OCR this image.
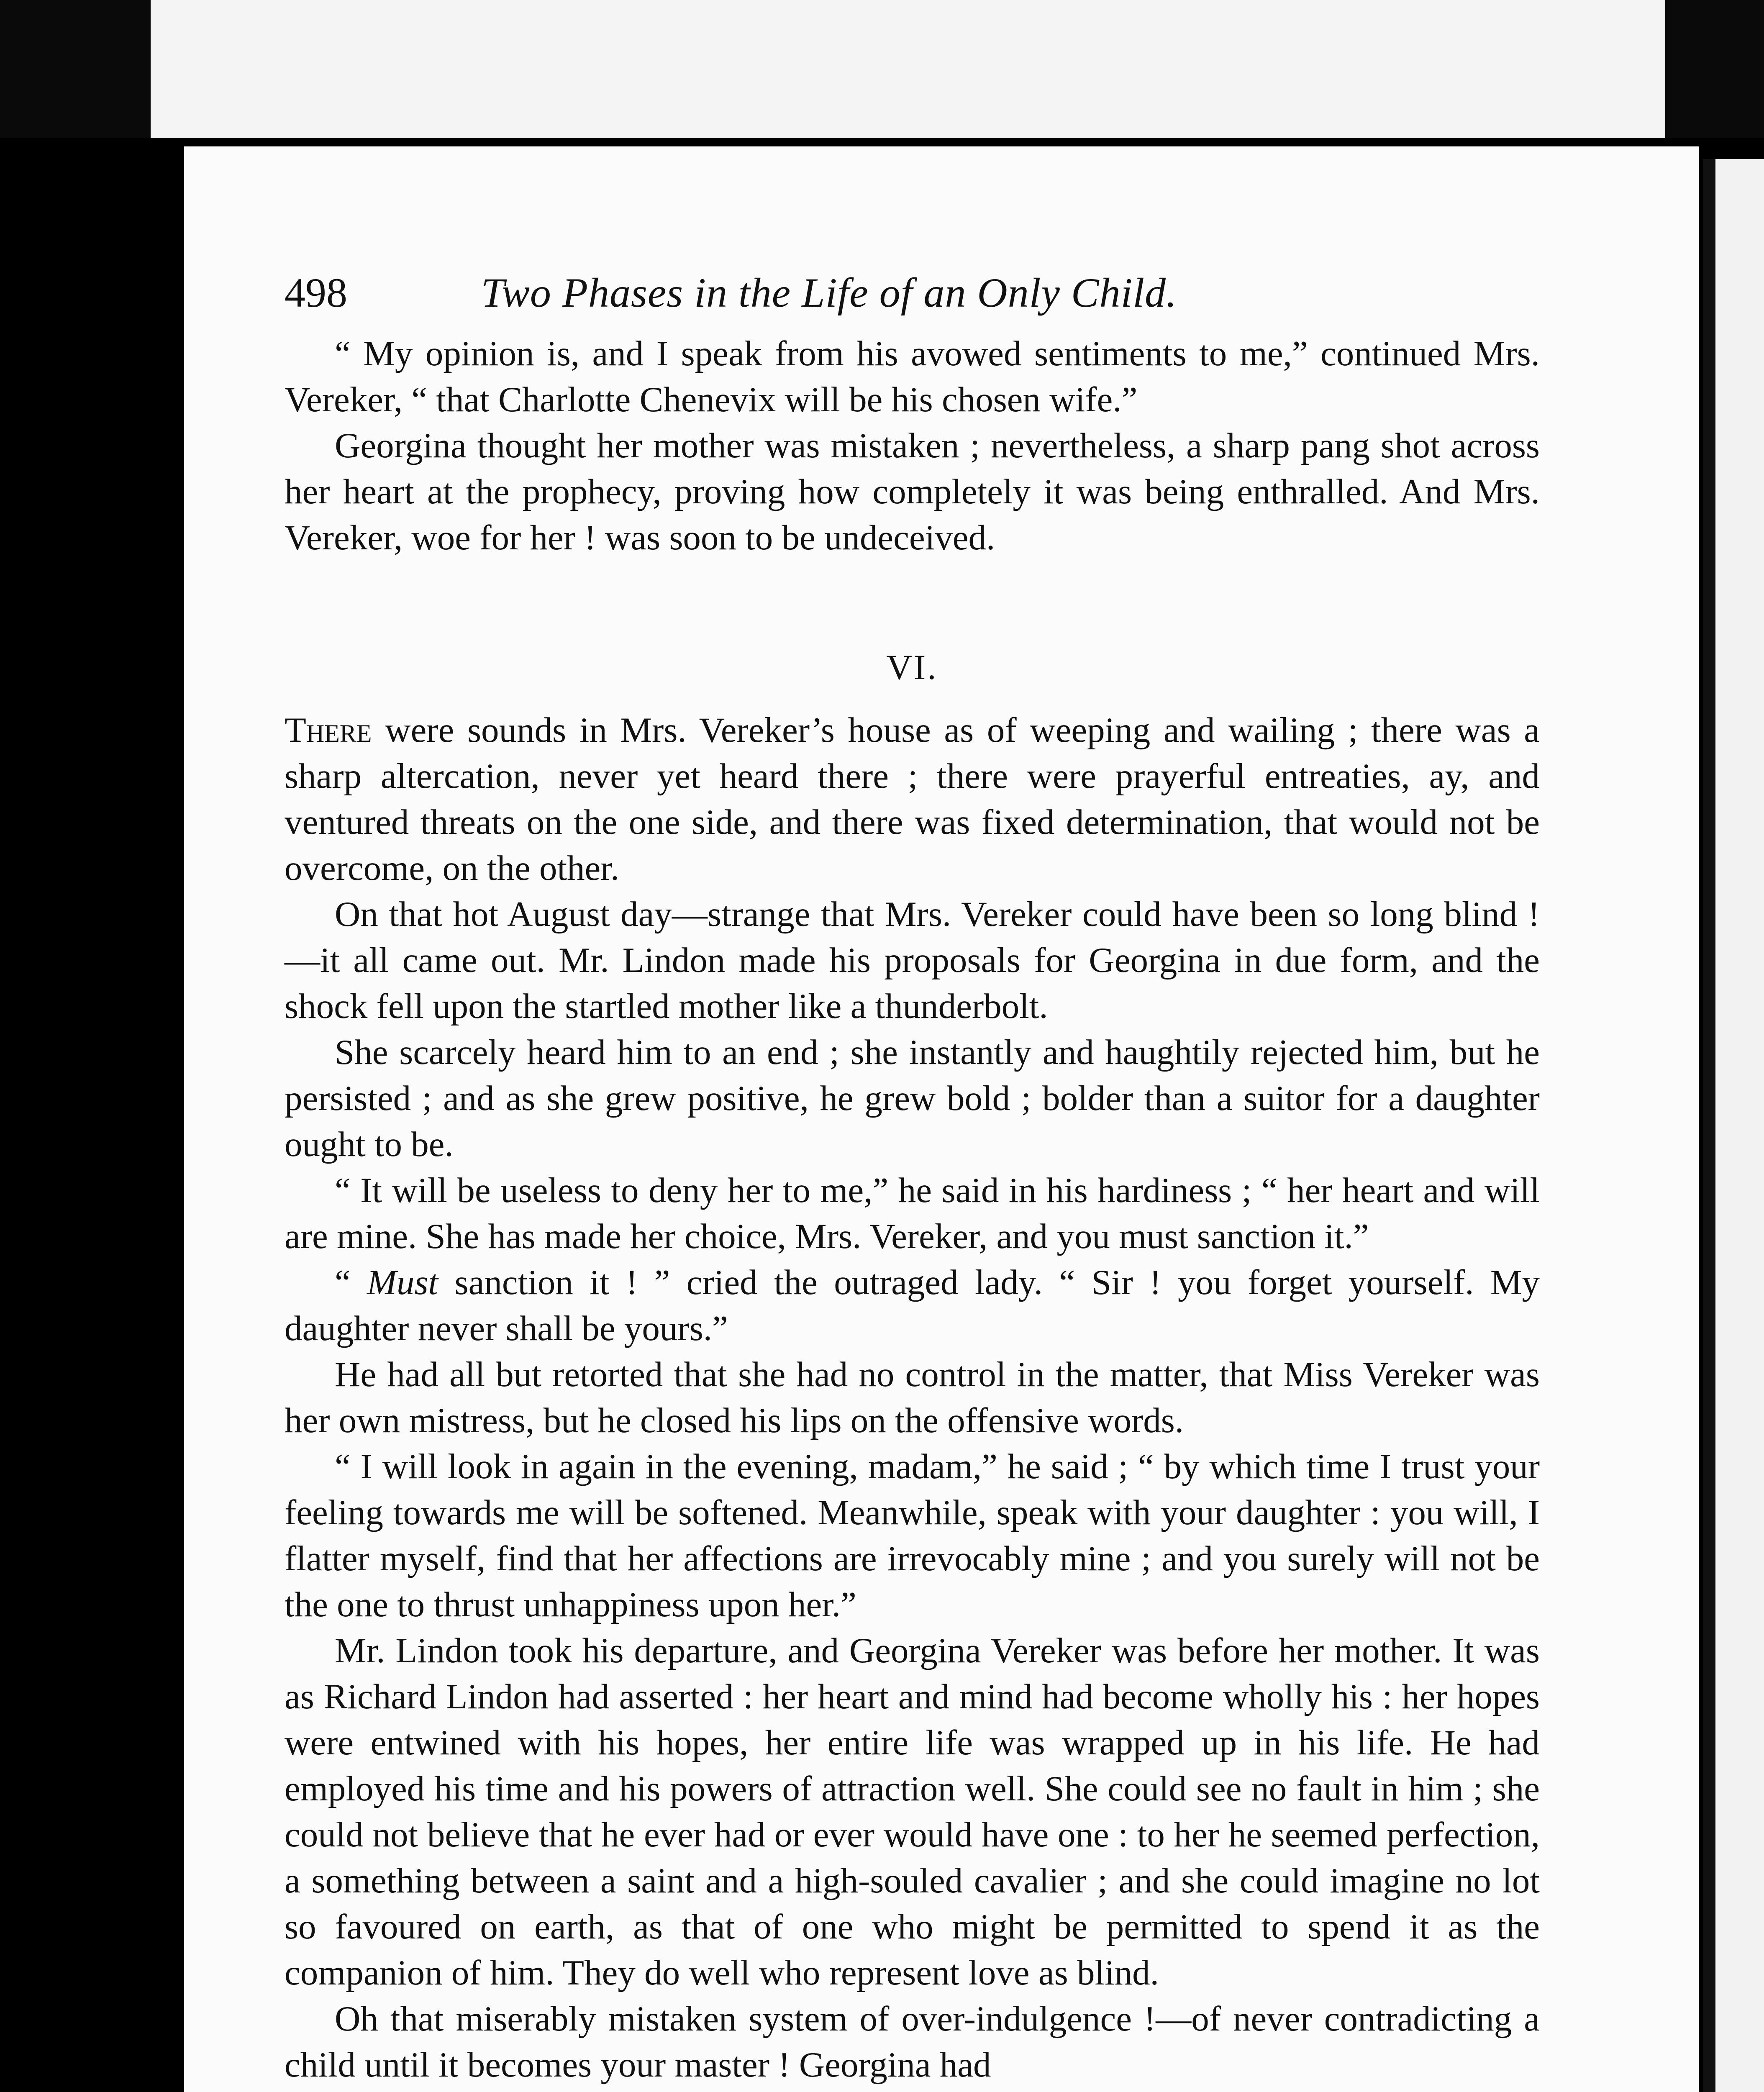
498	Two Phases in the Life of an Only Child.

“ My opinion is, and I speak from his avowed sentiments to me,” continued Mrs. Vereker, “ that Charlotte Chenevix will be his chosen wife.”

Georgina thought her mother was mistaken ; nevertheless, a sharp pang shot across her heart at the prophecy, proving how completely it was being enthralled. And Mrs. Vereker, woe for her ! was soon to be undeceived.

VI.

There were sounds in Mrs. Vereker’s house as of weeping and wailing ; there was a sharp altercation, never yet heard there ; there were prayerful entreaties, ay, and ventured threats on the one side, and there was fixed determination, that would not be overcome, on the other.

On that hot August day—strange that Mrs. Vereker could have been so long blind !—it all came out. Mr. Lindon made his proposals for Georgina in due form, and the shock fell upon the startled mother like a thunderbolt.

She scarcely heard him to an end ; she instantly and haughtily rejected him, but he persisted ; and as she grew positive, he grew bold ; bolder than a suitor for a daughter ought to be.

“ It will be useless to deny her to me,” he said in his hardiness ; “ her heart and will are mine. She has made her choice, Mrs. Vereker, and you must sanction it.”

“ Must sanction it ! ” cried the outraged lady. “ Sir ! you forget yourself. My daughter never shall be yours.”

He had all but retorted that she had no control in the matter, that Miss Vereker was her own mistress, but he closed his lips on the offensive words.

“ I will look in again in the evening, madam,” he said ; “ by which time I trust your feeling towards me will be softened. Meanwhile, speak with your daughter : you will, I flatter myself, find that her affections are irrevocably mine ; and you surely will not be the one to thrust unhappiness upon her.”

Mr. Lindon took his departure, and Georgina Vereker was before her mother. It was as Richard Lindon had asserted : her heart and mind had become wholly his : her hopes were entwined with his hopes, her entire life was wrapped up in his life. He had employed his time and his powers of attraction well. She could see no fault in him ; she could not believe that he ever had or ever would have one : to her he seemed perfection, a something between a saint and a high-souled cavalier ; and she could imagine no lot so favoured on earth, as that of one who might be permitted to spend it as the companion of him. They do well who represent love as blind.

Oh that miserably mistaken system of over-indulgence !—of never contradicting a child until it becomes your master ! Georgina had
